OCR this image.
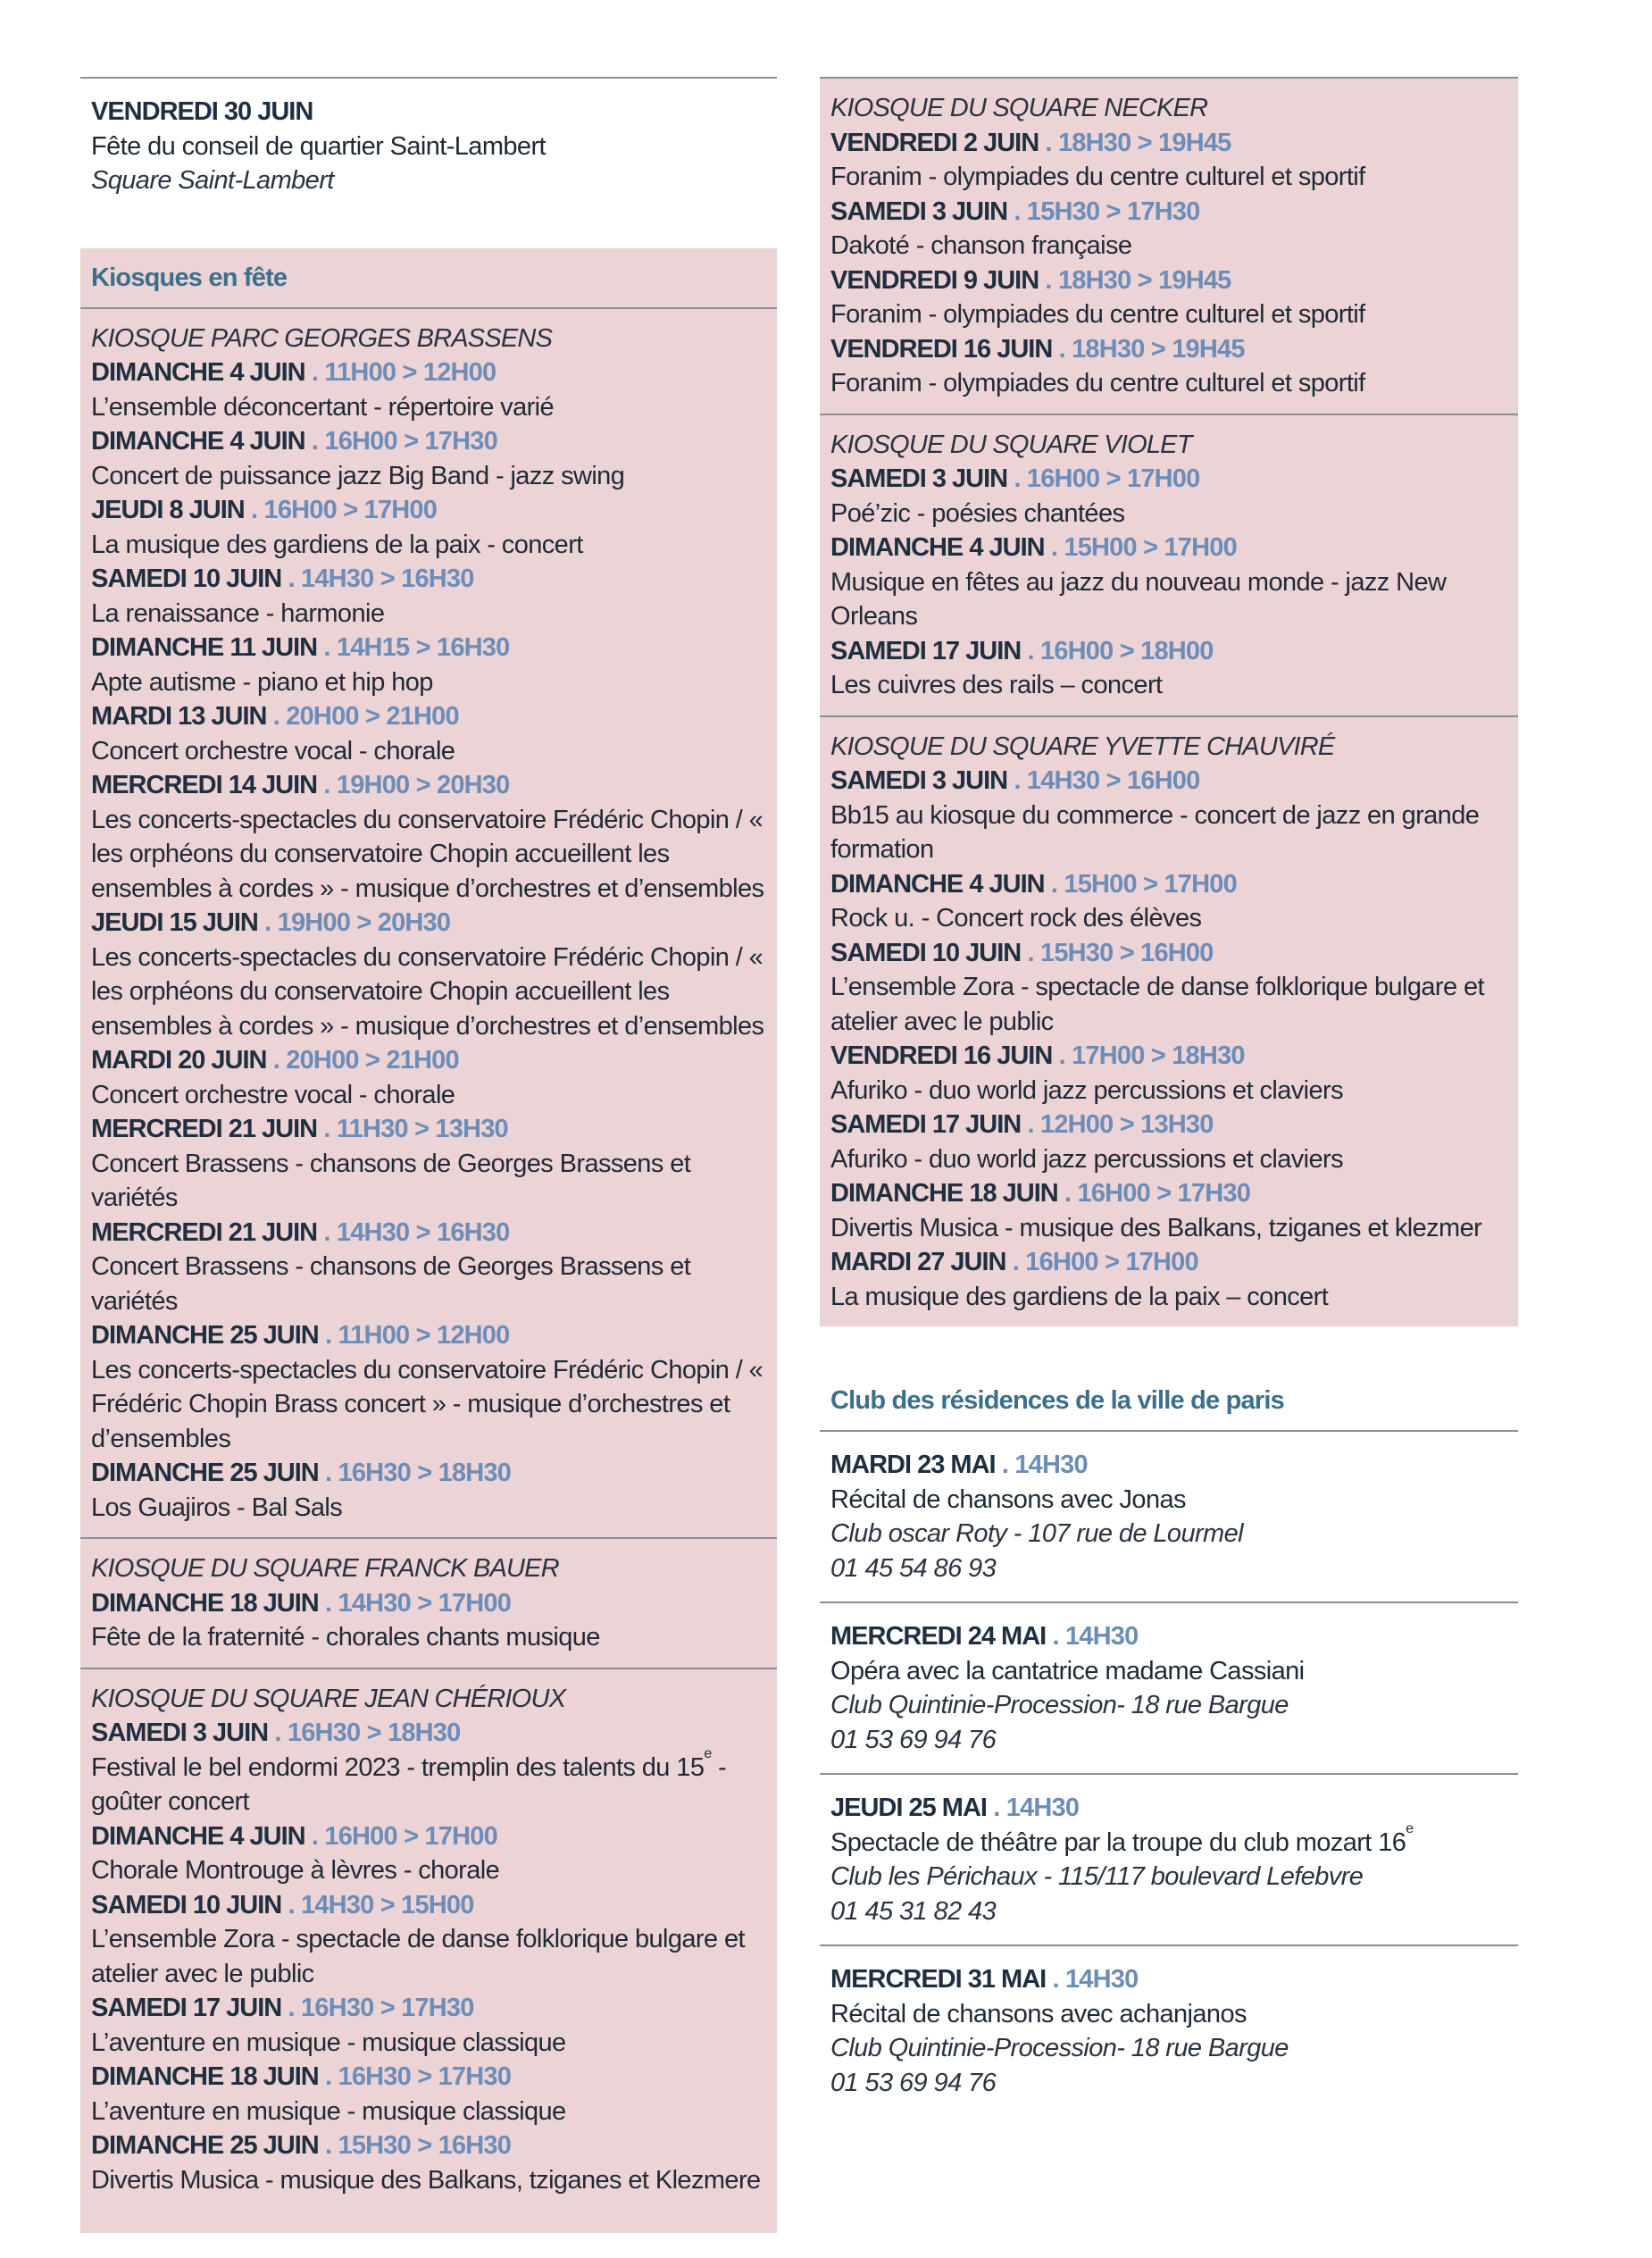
VENDREDI 30 JUIN
Fête du conseil de quartier Saint-Lambert
Square Saint-Lambert
Kiosques en fête
KIOSQUE PARC GEORGES BRASSENS
DIMANCHE 4 JUIN . 11H00 > 12H00
L’ensemble déconcertant - répertoire varié
DIMANCHE 4 JUIN . 16H00 > 17H30
Concert de puissance jazz Big Band - jazz swing
JEUDI 8 JUIN . 16H00 > 17H00
La musique des gardiens de la paix - concert
SAMEDI 10 JUIN . 14H30 > 16H30
La renaissance - harmonie
DIMANCHE 11 JUIN . 14H15 > 16H30
Apte autisme - piano et hip hop
MARDI 13 JUIN . 20H00 > 21H00
Concert orchestre vocal - chorale
MERCREDI 14 JUIN . 19H00 > 20H30
Les concerts-spectacles du conservatoire Frédéric Chopin / « les orphéons du conservatoire Chopin accueillent les ensembles à cordes » - musique d’orchestres et d’ensembles
JEUDI 15 JUIN . 19H00 > 20H30
Les concerts-spectacles du conservatoire Frédéric Chopin / « les orphéons du conservatoire Chopin accueillent les ensembles à cordes » - musique d’orchestres et d’ensembles
MARDI 20 JUIN . 20H00 > 21H00
Concert orchestre vocal - chorale
MERCREDI 21 JUIN . 11H30 > 13H30
Concert Brassens - chansons de Georges Brassens et variétés
MERCREDI 21 JUIN . 14H30 > 16H30
Concert Brassens - chansons de Georges Brassens et variétés
DIMANCHE 25 JUIN . 11H00 > 12H00
Les concerts-spectacles du conservatoire Frédéric Chopin / « Frédéric Chopin Brass concert » - musique d’orchestres et d’ensembles
DIMANCHE 25 JUIN . 16H30 > 18H30
Los Guajiros - Bal Sals
KIOSQUE DU SQUARE FRANCK BAUER
DIMANCHE 18 JUIN . 14H30 > 17H00
Fête de la fraternité - chorales chants musique
KIOSQUE DU SQUARE JEAN CHÉRIOUX
SAMEDI 3 JUIN . 16H30 > 18H30
Festival le bel endormi 2023 - tremplin des talents du 15e - goûter concert
DIMANCHE 4 JUIN . 16H00 > 17H00
Chorale Montrouge à lèvres - chorale
SAMEDI 10 JUIN . 14H30 > 15H00
L’ensemble Zora - spectacle de danse folklorique bulgare et atelier avec le public
SAMEDI 17 JUIN . 16H30 > 17H30
L’aventure en musique - musique classique
DIMANCHE 18 JUIN . 16H30 > 17H30
L’aventure en musique - musique classique
DIMANCHE 25 JUIN . 15H30 > 16H30
Divertis Musica - musique des Balkans, tziganes et Klezmere
KIOSQUE DU SQUARE NECKER
VENDREDI 2 JUIN . 18H30 > 19H45
Foranim - olympiades du centre culturel et sportif
SAMEDI 3 JUIN . 15H30 > 17H30
Dakoté - chanson française
VENDREDI 9 JUIN . 18H30 > 19H45
Foranim - olympiades du centre culturel et sportif
VENDREDI 16 JUIN . 18H30 > 19H45
Foranim - olympiades du centre culturel et sportif
KIOSQUE DU SQUARE VIOLET
SAMEDI 3 JUIN . 16H00 > 17H00
Poé’zic - poésies chantées
DIMANCHE 4 JUIN . 15H00 > 17H00
Musique en fêtes au jazz du nouveau monde - jazz New Orleans
SAMEDI 17 JUIN . 16H00 > 18H00
Les cuivres des rails – concert
KIOSQUE DU SQUARE YVETTE CHAUVIRÉ
SAMEDI 3 JUIN . 14H30 > 16H00
Bb15 au kiosque du commerce - concert de jazz en grande formation
DIMANCHE 4 JUIN . 15H00 > 17H00
Rock u. - Concert rock des élèves
SAMEDI 10 JUIN . 15H30 > 16H00
L’ensemble Zora - spectacle de danse folklorique bulgare et atelier avec le public
VENDREDI 16 JUIN . 17H00 > 18H30
Afuriko - duo world jazz percussions et claviers
SAMEDI 17 JUIN . 12H00 > 13H30
Afuriko - duo world jazz percussions et claviers
DIMANCHE 18 JUIN . 16H00 > 17H30
Divertis Musica - musique des Balkans, tziganes et klezmer
MARDI 27 JUIN . 16H00 > 17H00
La musique des gardiens de la paix – concert
Club des résidences de la ville de paris
MARDI 23 MAI . 14H30
Récital de chansons avec Jonas
Club oscar Roty - 107 rue de Lourmel
01 45 54 86 93
MERCREDI 24 MAI . 14H30
Opéra avec la cantatrice madame Cassiani
Club Quintinie-Procession- 18 rue Bargue
01 53 69 94 76
JEUDI 25 MAI . 14H30
Spectacle de théâtre par la troupe du club mozart 16e
Club les Périchaux - 115/117 boulevard Lefebvre
01 45 31 82 43
MERCREDI 31 MAI . 14H30
Récital de chansons avec achanjanos
Club Quintinie-Procession- 18 rue Bargue
01 53 69 94 76
